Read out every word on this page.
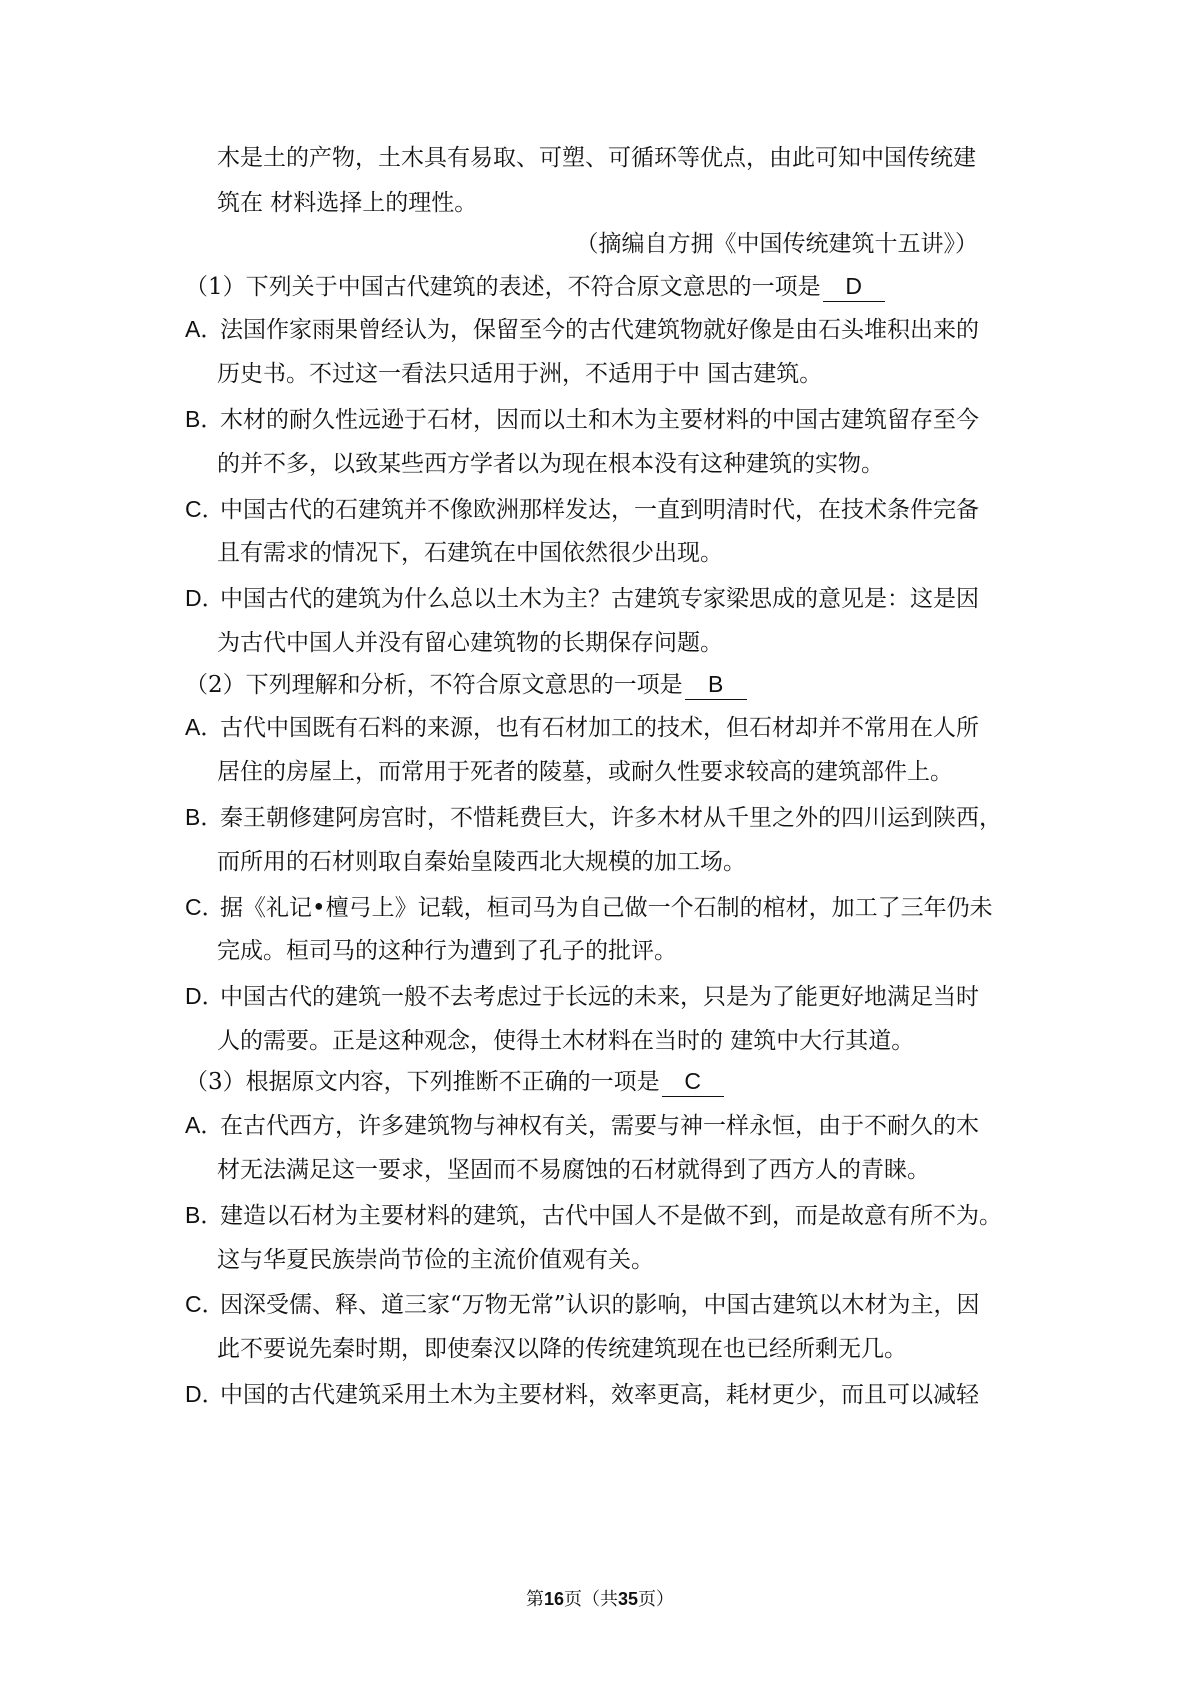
木是土的产物，土木具有易取、可塑、可循环等优点，由此可知中国传统建
筑在 材料选择上的理性。
（摘编自方拥《中国传统建筑十五讲》）
（1）下列关于中国古代建筑的表述，不符合原文意思的一项是 D
A．法国作家雨果曾经认为，保留至今的古代建筑物就好像是由石头堆积出来的
历史书。不过这一看法只适用于洲，不适用于中 国古建筑。
B．木材的耐久性远逊于石材，因而以土和木为主要材料的中国古建筑留存至今
的并不多，以致某些西方学者以为现在根本没有这种建筑的实物。
C．中国古代的石建筑并不像欧洲那样发达，一直到明清时代，在技术条件完备
且有需求的情况下，石建筑在中国依然很少出现。
D．中国古代的建筑为什么总以土木为主？古建筑专家梁思成的意见是：这是因
为古代中国人并没有留心建筑物的长期保存问题。
（2）下列理解和分析，不符合原文意思的一项是 B
A．古代中国既有石料的来源，也有石材加工的技术，但石材却并不常用在人所
居住的房屋上，而常用于死者的陵墓，或耐久性要求较高的建筑部件上。
B．秦王朝修建阿房宫时，不惜耗费巨大，许多木材从千里之外的四川运到陕西，
而所用的石材则取自秦始皇陵西北大规模的加工场。
C．据《礼记•檀弓上》记载，桓司马为自己做一个石制的棺材，加工了三年仍未
完成。桓司马的这种行为遭到了孔子的批评。
D．中国古代的建筑一般不去考虑过于长远的未来，只是为了能更好地满足当时
人的需要。正是这种观念，使得土木材料在当时的 建筑中大行其道。
（3）根据原文内容，下列推断不正确的一项是 C
A．在古代西方，许多建筑物与神权有关，需要与神一样永恒，由于不耐久的木
材无法满足这一要求，坚固而不易腐蚀的石材就得到了西方人的青睐。
B．建造以石材为主要材料的建筑，古代中国人不是做不到，而是故意有所不为。
这与华夏民族崇尚节俭的主流价值观有关。
C．因深受儒、释、道三家“万物无常”认识的影响，中国古建筑以木材为主，因
此不要说先秦时期，即使秦汉以降的传统建筑现在也已经所剩无几。
D．中国的古代建筑采用土木为主要材料，效率更高，耗材更少，而且可以减轻
第16页（共35页）
